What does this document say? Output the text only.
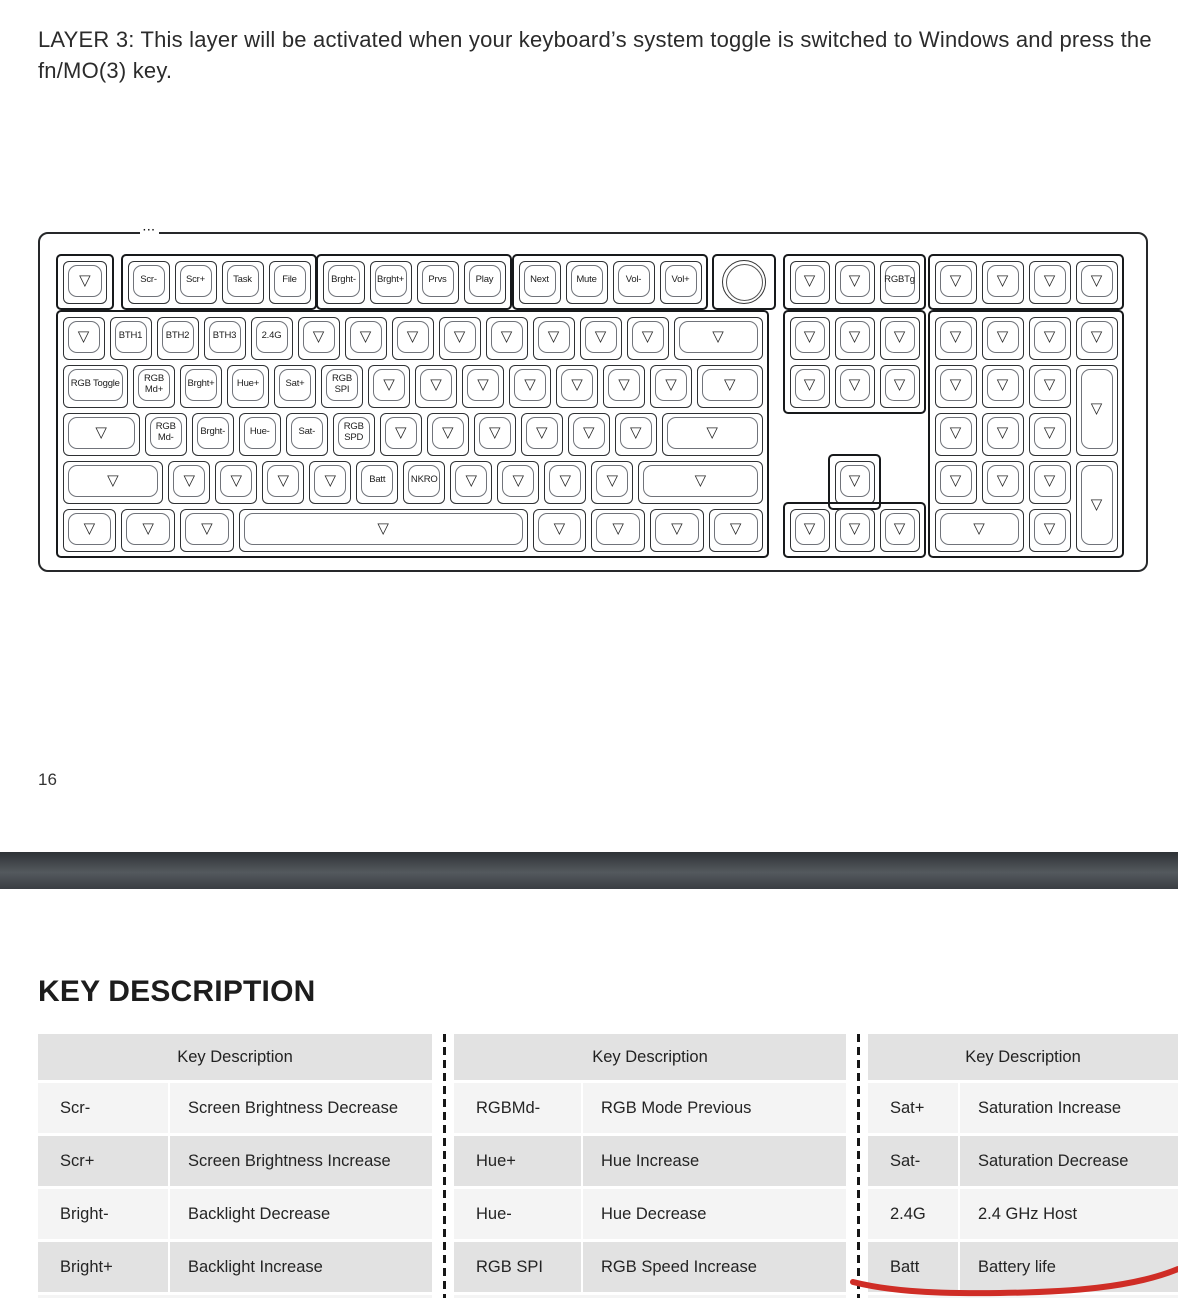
LAYER 3: This layer will be activated when your keyboard’s system toggle is switched to Windows and press the fn/MO(3) key.

···
▽	Scr-	Scr+	Task	File	Brght- Brght+	Prvs	Play	Next	Mute	Vol-	Vol+	▽ ▽	RGBTg ▽ ▽ ▽ ▽
▽	BTH1 BTH2 BTH3	2.4G ▽ ▽ ▽ ▽ ▽ ▽ ▽ ▽	▽
RGB Toggle	RGB Md+	Brght+ Hue+	Sat+	RGB SPI	▽ ▽ ▽ ▽ ▽ ▽ ▽	▽
▽	RGB Md-	Brght-	Hue-	Sat-	RGB SPD	▽ ▽ ▽ ▽ ▽ ▽	▽
▽	▽ ▽ ▽ ▽	Batt	NKRO ▽ ▽ ▽ ▽	▽
▽	▽	▽	▽	▽	▽	▽	▽
▽ ▽ ▽
▽ ▽ ▽
▽
▽ ▽ ▽
▽ ▽ ▽ ▽
▽ ▽ ▽
▽
▽ ▽ ▽
▽ ▽ ▽
▽
▽	▽
16
KEY DESCRIPTION
Key Description
Scr-	Screen Brightness Decrease
Scr+	Screen Brightness Increase
Bright-	Backlight Decrease
Bright+	Backlight Increase
Key Description
RGBMd-	RGB Mode Previous
Hue+	Hue Increase
Hue-	Hue Decrease
RGB SPI	RGB Speed Increase
Key Description
Sat+	Saturation Increase
Sat-	Saturation Decrease
2.4G	2.4 GHz Host
Batt	Battery life
